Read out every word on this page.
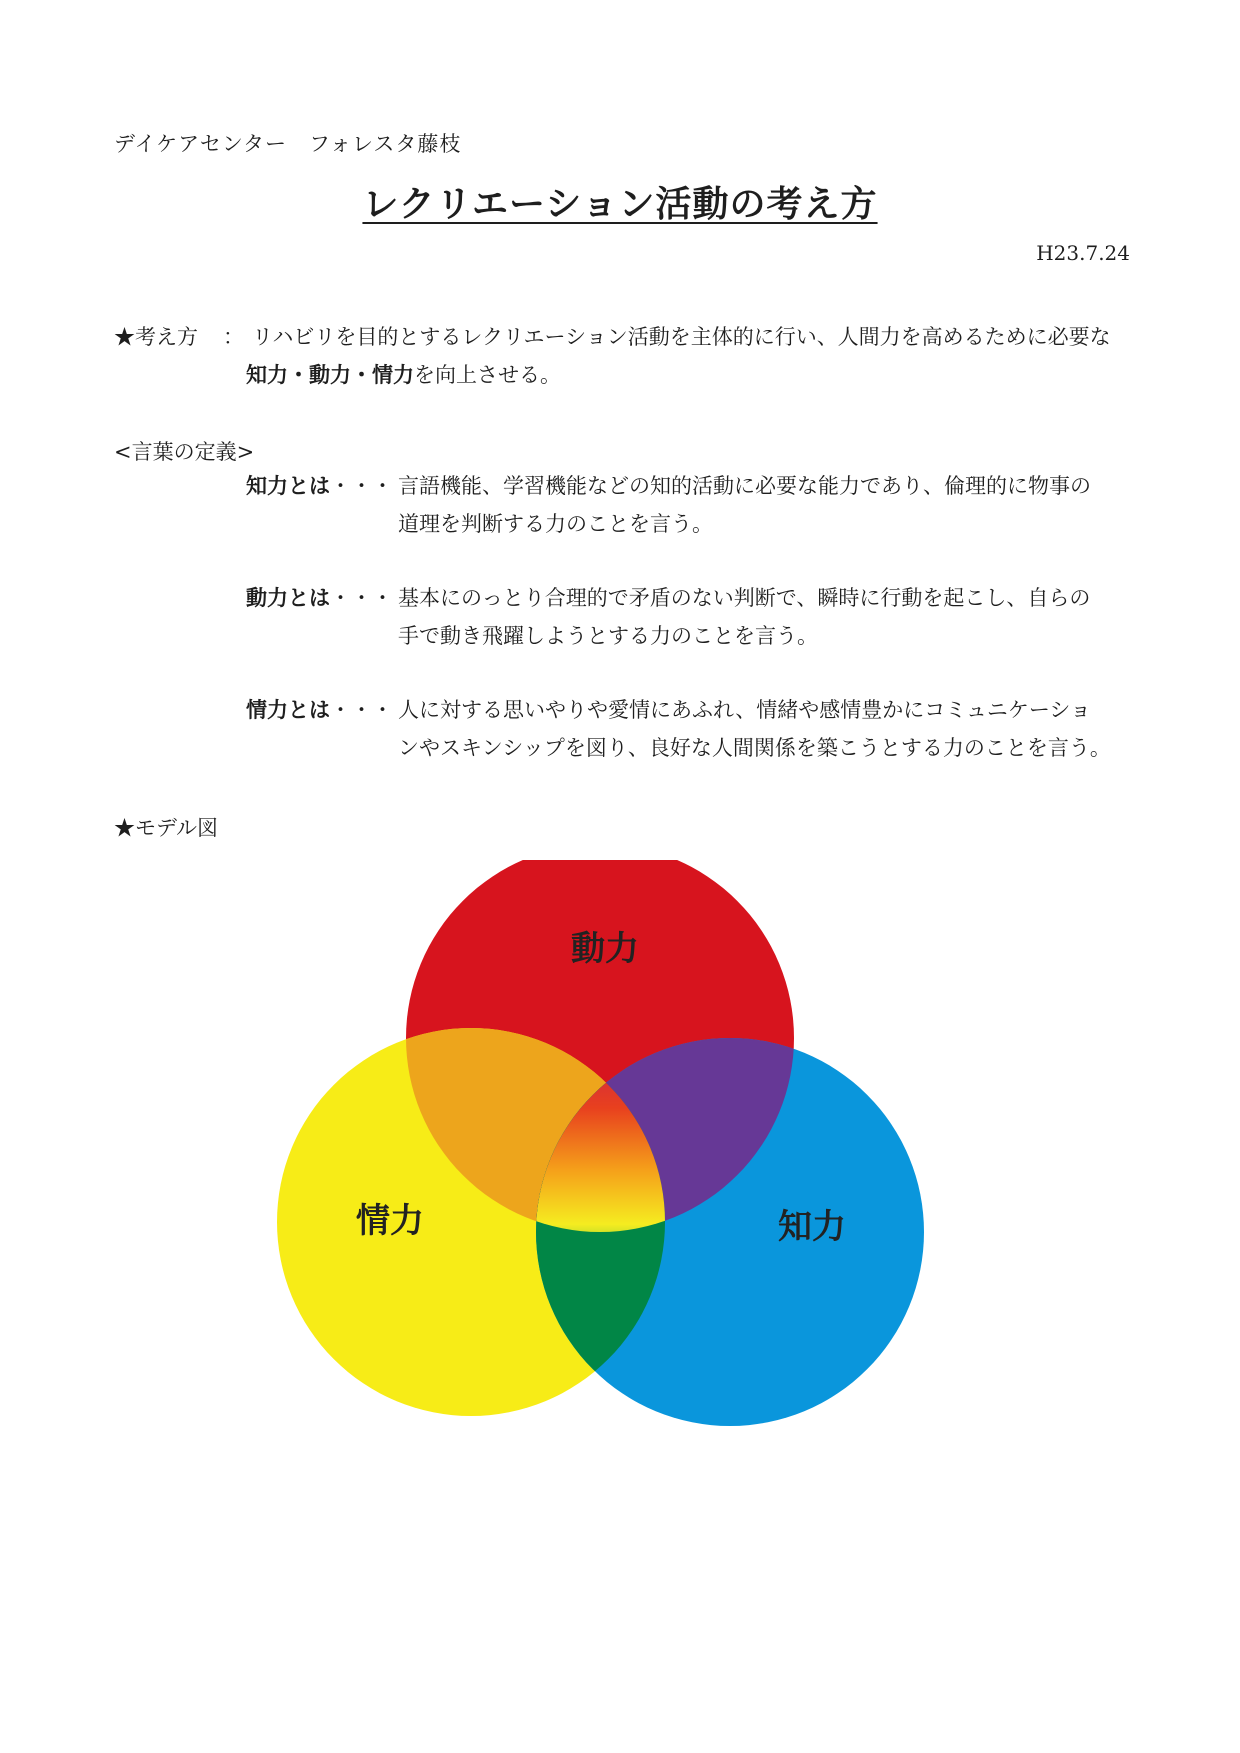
デイケアセンター　フォレスタ藤枝
レクリエーション活動の考え方
H23.7.24
★考え方 ： リハビリを目的とするレクリエーション活動を主体的に行い、人間力を高めるために必要な
知力・動力・情力を向上させる。
<言葉の定義>
知力とは ・・・ 言語機能、学習機能などの知的活動に必要な能力であり、倫理的に物事の
道理を判断する力のことを言う。
動力とは ・・・ 基本にのっとり合理的で矛盾のない判断で、瞬時に行動を起こし、自らの
手で動き飛躍しようとする力のことを言う。
情力とは ・・・ 人に対する思いやりや愛情にあふれ、情緒や感情豊かにコミュニケーショ
ンやスキンシップを図り、良好な人間関係を築こうとする力のことを言う。
★モデル図
動力
情力	知力
